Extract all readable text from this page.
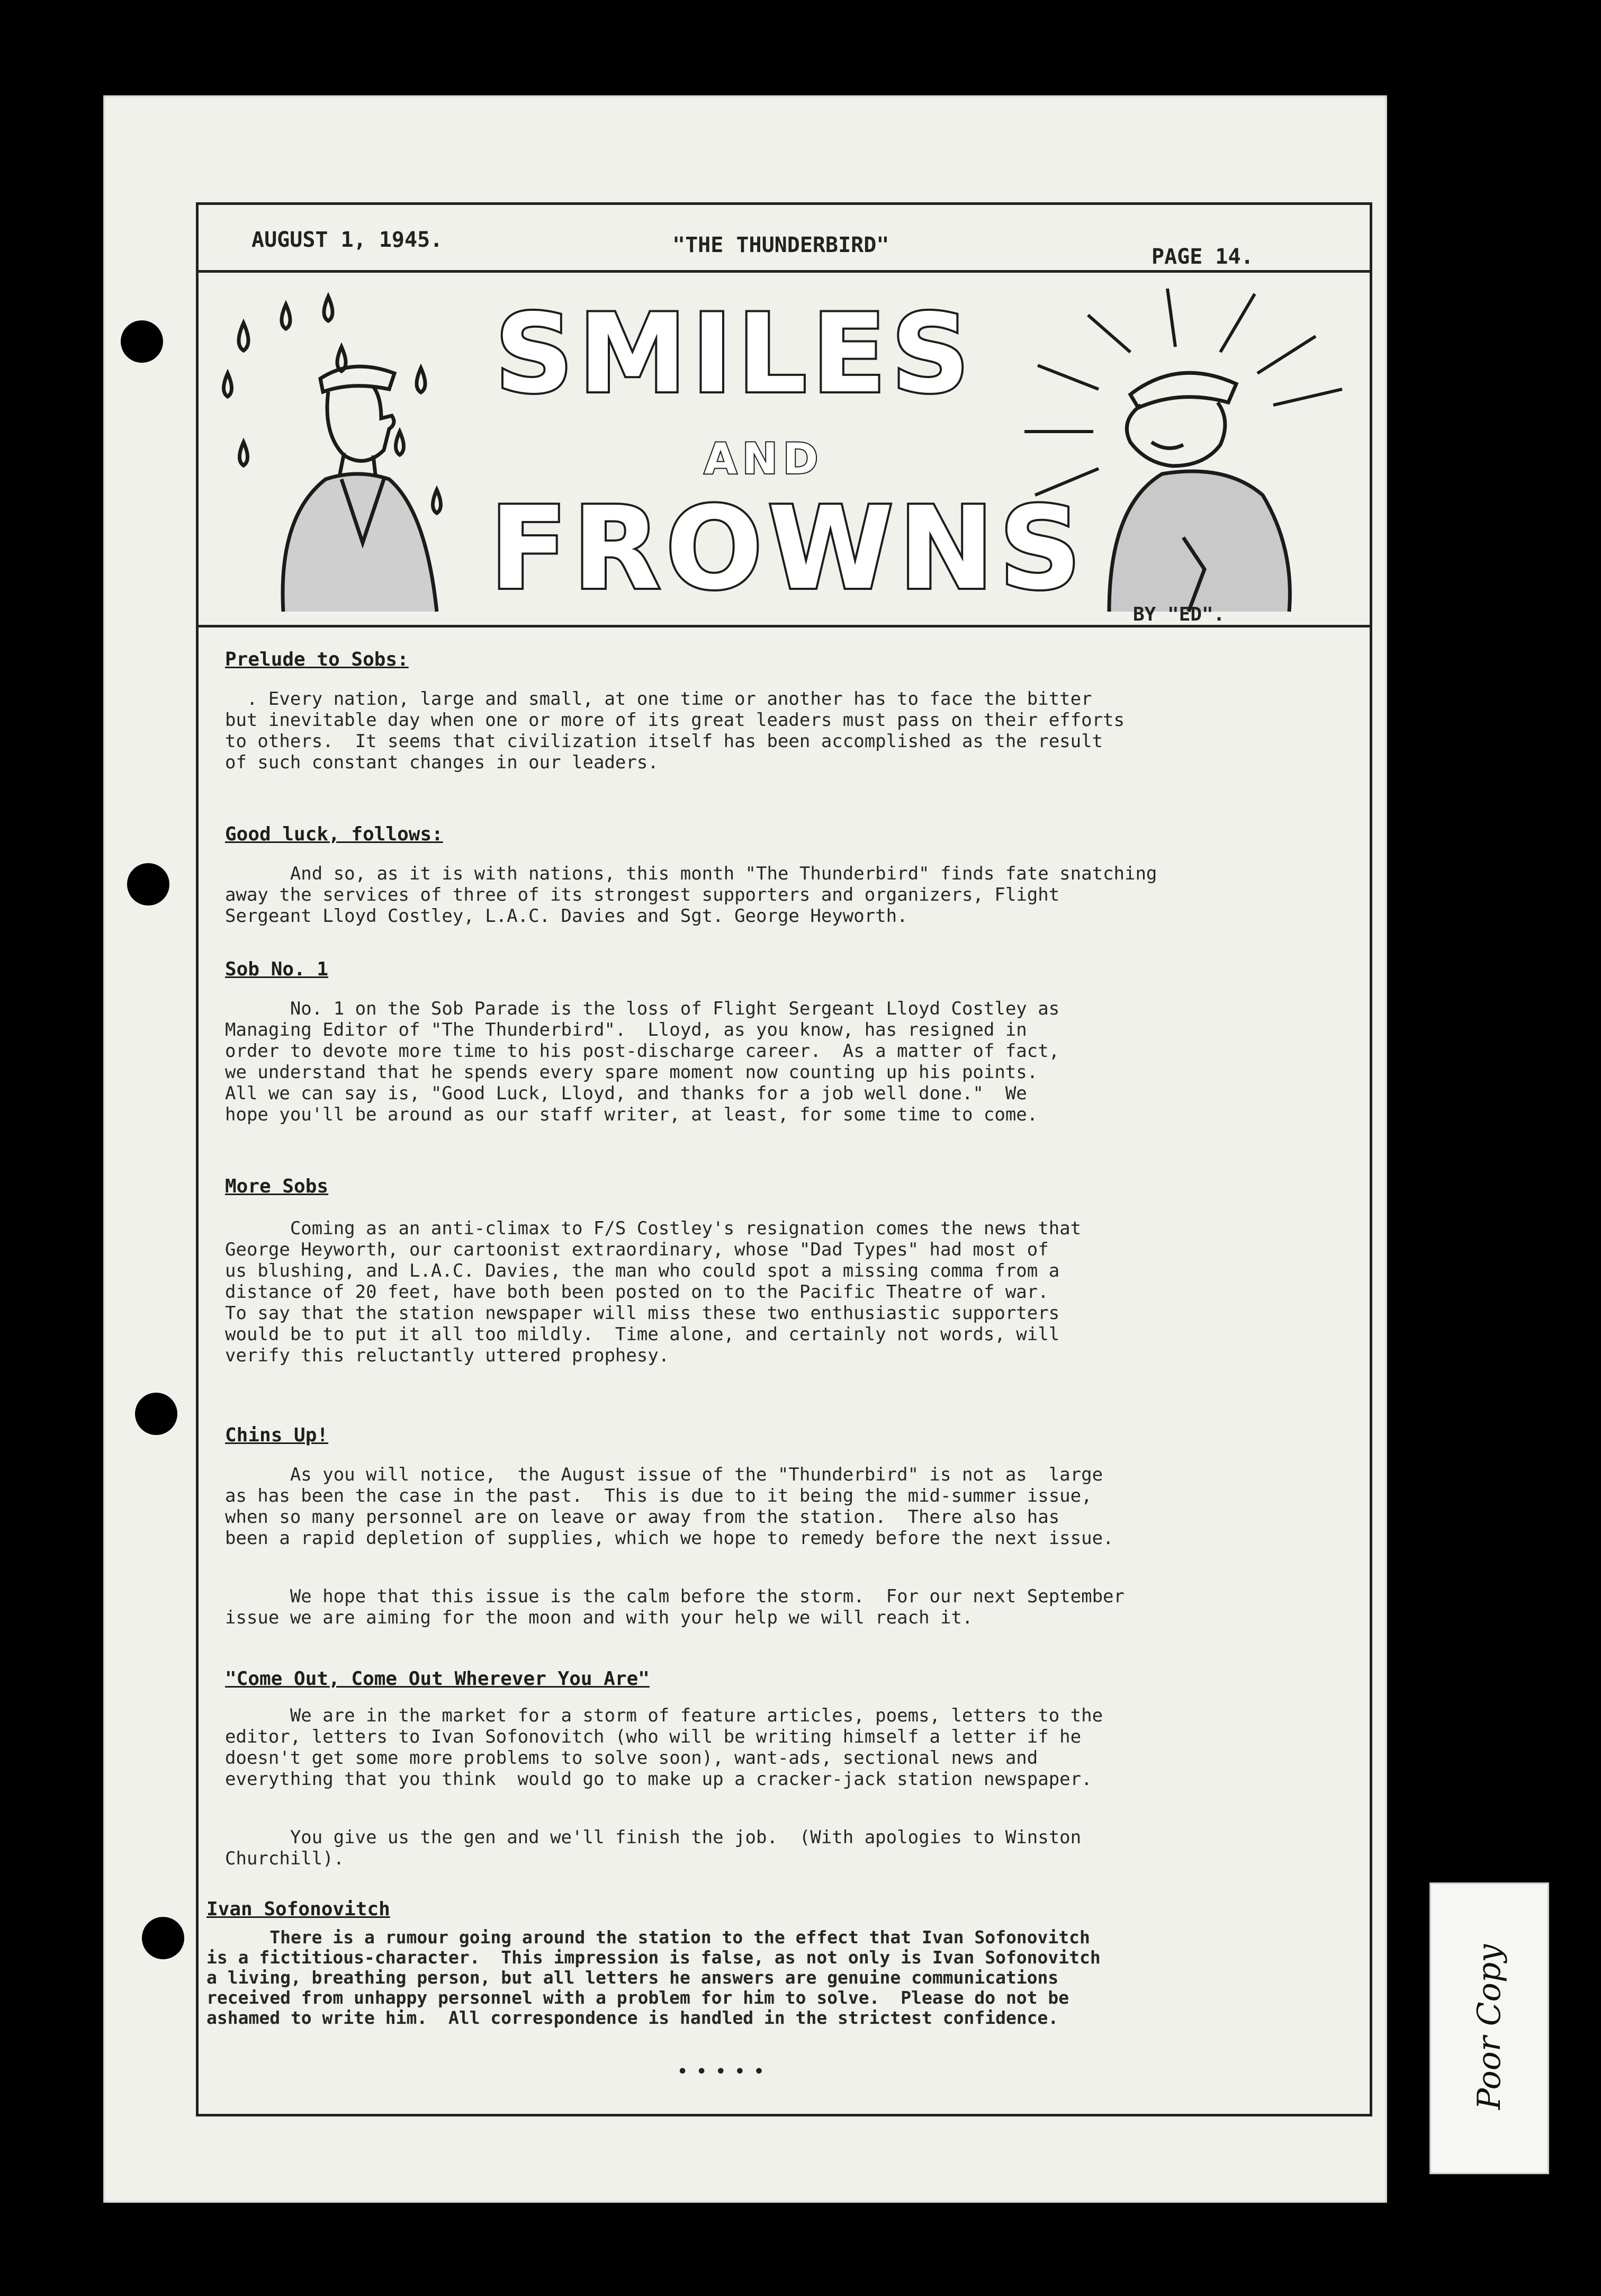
AUGUST 1, 1945.	"THE THUNDERBIRD"	PAGE 14.
SMILES
AND
FROWNS BY "ED".
Prelude to Sobs:
. Every nation, large and small, at one time or another has to face the bitter
but inevitable day when one or more of its great leaders must pass on their efforts
to others.  It seems that civilization itself has been accomplished as the result
of such constant changes in our leaders.
Good luck, follows:
And so, as it is with nations, this month "The Thunderbird" finds fate snatching
away the services of three of its strongest supporters and organizers, Flight
Sergeant Lloyd Costley, L.A.C. Davies and Sgt. George Heyworth.
Sob No. 1
No. 1 on the Sob Parade is the loss of Flight Sergeant Lloyd Costley as
Managing Editor of "The Thunderbird".  Lloyd, as you know, has resigned in
order to devote more time to his post-discharge career.  As a matter of fact,
we understand that he spends every spare moment now counting up his points.
All we can say is, "Good Luck, Lloyd, and thanks for a job well done."  We
hope you'll be around as our staff writer, at least, for some time to come.
More Sobs
Coming as an anti-climax to F/S Costley's resignation comes the news that
George Heyworth, our cartoonist extraordinary, whose "Dad Types" had most of
us blushing, and L.A.C. Davies, the man who could spot a missing comma from a
distance of 20 feet, have both been posted on to the Pacific Theatre of war.
To say that the station newspaper will miss these two enthusiastic supporters
would be to put it all too mildly.  Time alone, and certainly not words, will
verify this reluctantly uttered prophesy.
Chins Up!
As you will notice,  the August issue of the "Thunderbird" is not as  large
as has been the case in the past.  This is due to it being the mid-summer issue,
when so many personnel are on leave or away from the station.  There also has
been a rapid depletion of supplies, which we hope to remedy before the next issue.
We hope that this issue is the calm before the storm.  For our next September
issue we are aiming for the moon and with your help we will reach it.
"Come Out, Come Out Wherever You Are"
We are in the market for a storm of feature articles, poems, letters to the
editor, letters to Ivan Sofonovitch (who will be writing himself a letter if he
doesn't get some more problems to solve soon), want-ads, sectional news and
everything that you think  would go to make up a cracker-jack station newspaper.
You give us the gen and we'll finish the job.  (With apologies to Winston
Churchill).
Ivan Sofonovitch
There is a rumour going around the station to the effect that Ivan Sofonovitch
is a fictitious-character.  This impression is false, as not only is Ivan Sofonovitch
a living, breathing person, but all letters he answers are genuine communications
received from unhappy personnel with a problem for him to solve.  Please do not be
ashamed to write him.  All correspondence is handled in the strictest confidence.
• • • • •	Poor Copy
